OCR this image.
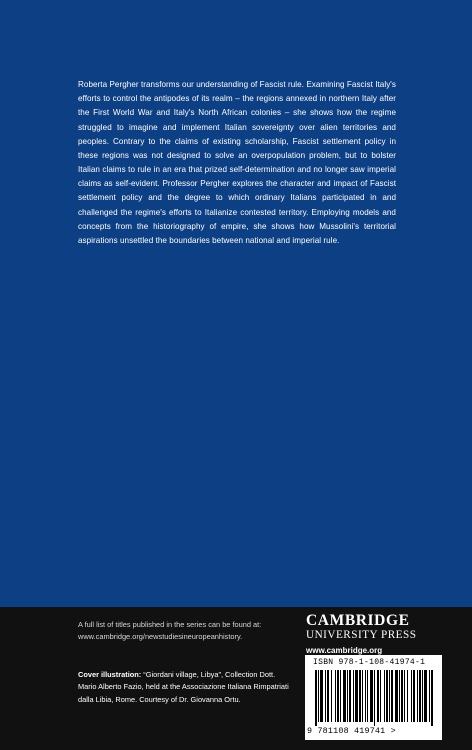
Roberta Pergher transforms our understanding of Fascist rule. Examining Fascist Italy's efforts to control the antipodes of its realm – the regions annexed in northern Italy after the First World War and Italy's North African colonies – she shows how the regime struggled to imagine and implement Italian sovereignty over alien territories and peoples. Contrary to the claims of existing scholarship, Fascist settlement policy in these regions was not designed to solve an overpopulation problem, but to bolster Italian claims to rule in an era that prized self-determination and no longer saw imperial claims as self-evident. Professor Pergher explores the character and impact of Fascist settlement policy and the degree to which ordinary Italians participated in and challenged the regime's efforts to Italianize contested territory. Employing models and concepts from the historiography of empire, she shows how Mussolini's territorial aspirations unsettled the boundaries between national and imperial rule.

A full list of titles published in the series can be found at:
www.cambridge.org/newstudiesineuropeanhistory.
Cover illustration: “Giordani village, Libya”, Collection Dott. Mario Alberto Fazio, held at the Associazione Italiana Rimpatriati dalla Libia, Rome. Courtesy of Dr. Giovanna Ortu.

CAMBRIDGE

UNIVERSITY PRESS

www.cambridge.org
ISBN 978-1-108-41974-1
9 781108 419741 >
